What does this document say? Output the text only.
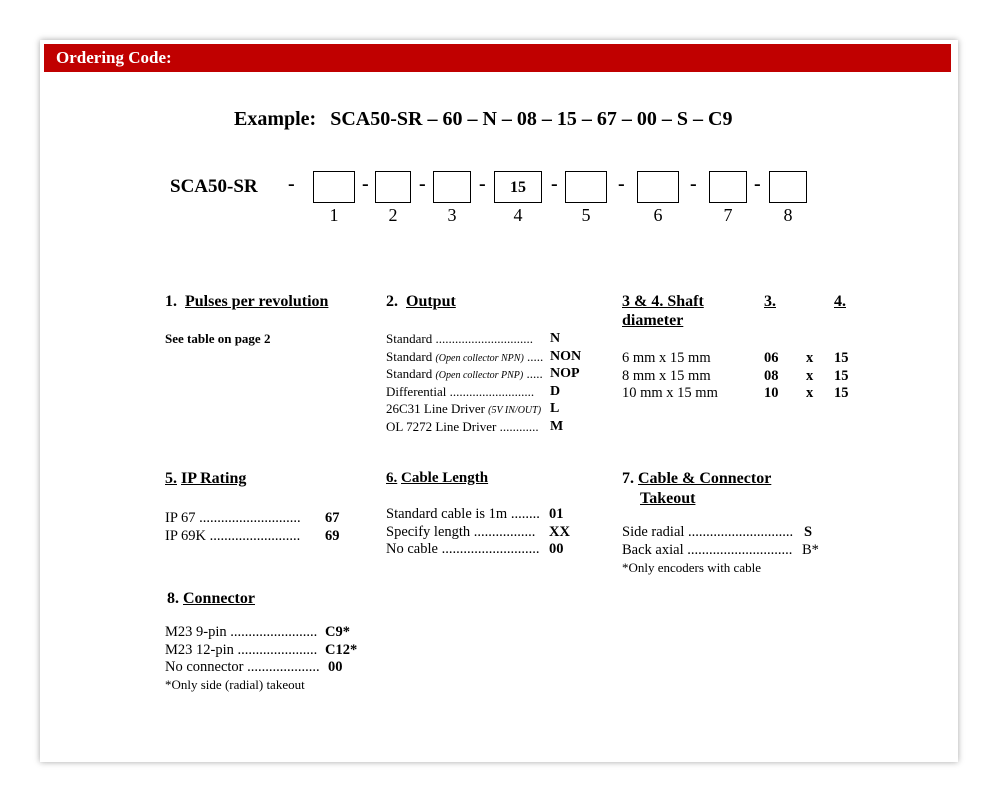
Ordering Code:
Example: SCA50-SR – 60 – N – 08 – 15 – 67 – 00 – S – C9
SCA50-SR -	-	-	-	15	-	-	-	-
1	2	3	4	5	6	7	8
1. Pulses per revolution
See table on page 2
2. Output
Standard .............................. N
Standard (Open collector NPN) ..... NON
Standard (Open collector PNP) ..... NOP
Differential .......................... D
26C31 Line Driver (5V IN/OUT) L
OL 7272 Line Driver ............ M
3 & 4. Shaft
diameter
3.	4.
6 mm x 15 mm	06 x 15
8 mm x 15 mm	08 x 15
10 mm x 15 mm	10 x 15
5. IP Rating
IP 67 ............................ 67
IP 69K ......................... 69
6. Cable Length
Standard cable is 1m ........ 01
Specify length ................. XX
No cable ........................... 00
7. Cable & Connector
Takeout
Side radial ............................. S
Back axial ............................. B*
*Only encoders with cable
8. Connector
M23 9-pin ........................ C9*
M23 12-pin ...................... C12*
No connector .................... 00
*Only side (radial) takeout
